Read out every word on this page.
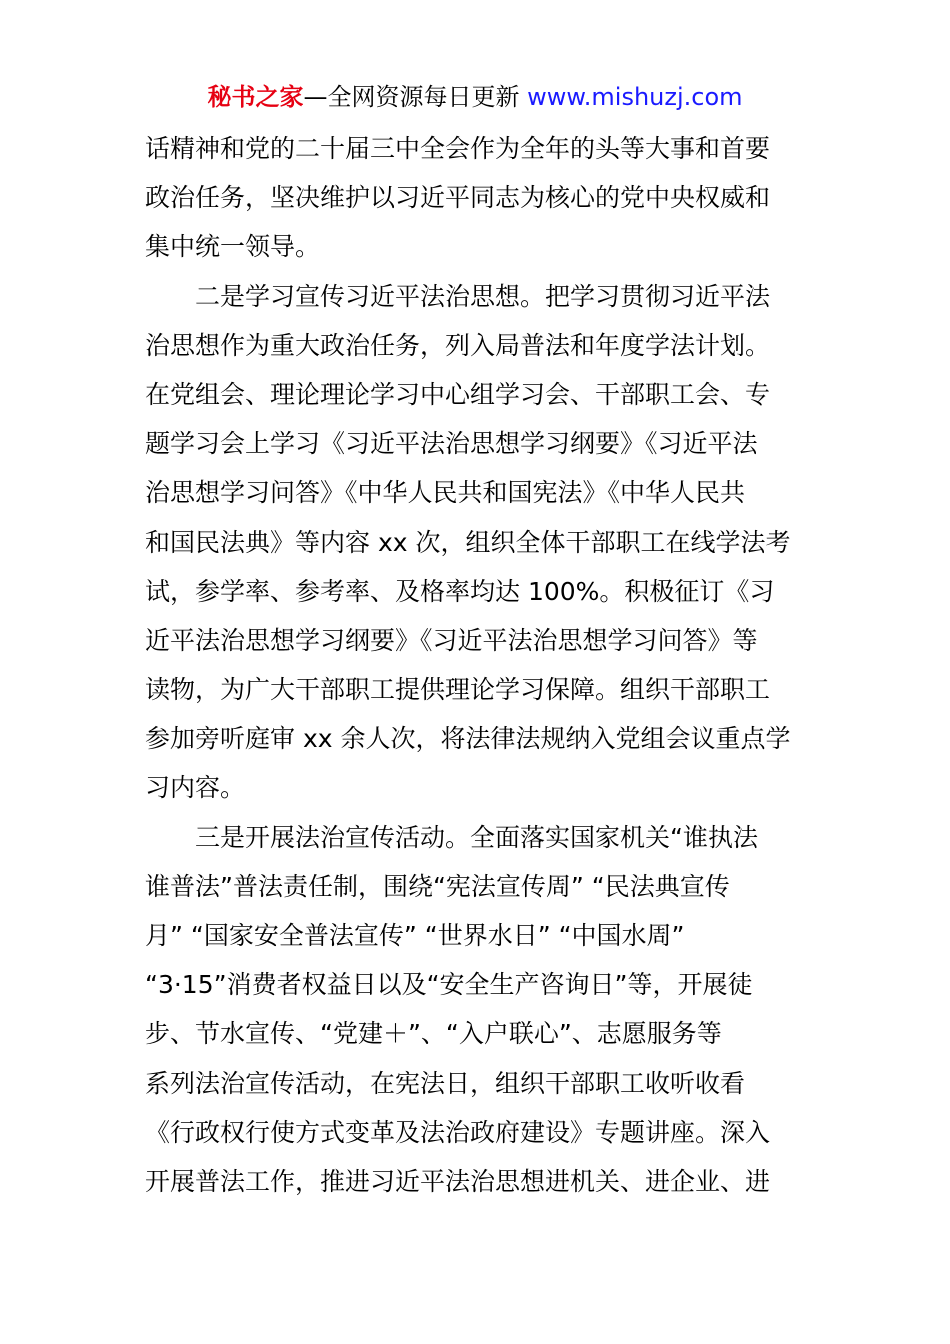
秘书之家—全网资源每日更新 www.mishuzj.com
话精神和党的二十届三中全会作为全年的头等大事和首要
政治任务，坚决维护以习近平同志为核心的党中央权威和
集中统一领导。
二是学习宣传习近平法治思想。把学习贯彻习近平法
治思想作为重大政治任务，列入局普法和年度学法计划。
在党组会、理论理论学习中心组学习会、干部职工会、专
题学习会上学习《习近平法治思想学习纲要》《习近平法
治思想学习问答》《中华人民共和国宪法》《中华人民共
和国民法典》等内容 xx 次，组织全体干部职工在线学法考
试，参学率、参考率、及格率均达 100%。积极征订《习
近平法治思想学习纲要》《习近平法治思想学习问答》等
读物，为广大干部职工提供理论学习保障。组织干部职工
参加旁听庭审 xx 余人次，将法律法规纳入党组会议重点学
习内容。
三是开展法治宣传活动。全面落实国家机关“谁执法
谁普法”普法责任制，围绕“宪法宣传周” “民法典宣传
月” “国家安全普法宣传” “世界水日” “中国水周”
“3·15”消费者权益日以及“安全生产咨询日”等，开展徒
步、节水宣传、“党建＋”、“入户联心”、志愿服务等
系列法治宣传活动，在宪法日，组织干部职工收听收看
《行政权行使方式变革及法治政府建设》专题讲座。深入
开展普法工作，推进习近平法治思想进机关、进企业、进
